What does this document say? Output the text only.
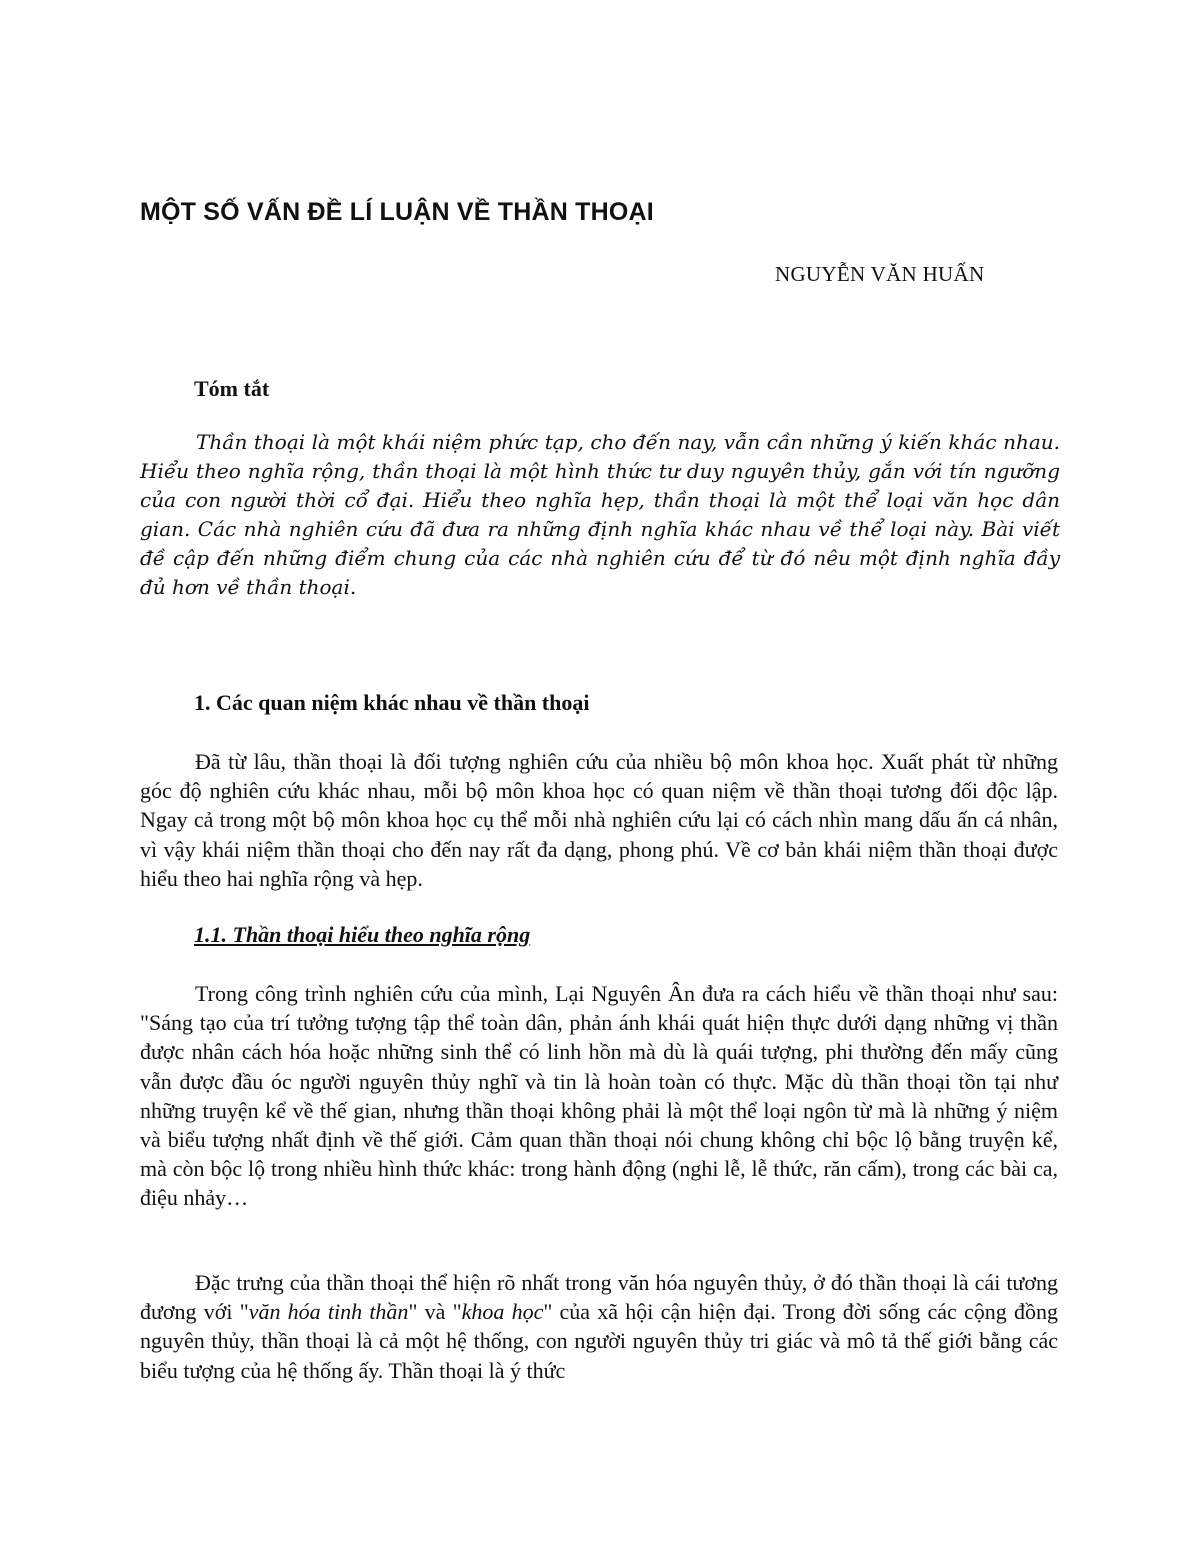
MỘT SỐ VẤN ĐỀ LÍ LUẬN VỀ THẦN THOẠI

NGUYỄN VĂN HUẤN

Tóm tắt

Thần thoại là một khái niệm phức tạp, cho đến nay, vẫn cần những ý kiến khác nhau. Hiểu theo nghĩa rộng, thần thoại là một hình thức tư duy nguyên thủy, gắn với tín ngưỡng của con người thời cổ đại. Hiểu theo nghĩa hẹp, thần thoại là một thể loại văn học dân gian. Các nhà nghiên cứu đã đưa ra những định nghĩa khác nhau về thể loại này. Bài viết đề cập đến những điểm chung của các nhà nghiên cứu để từ đó nêu một định nghĩa đầy đủ hơn về thần thoại.

1. Các quan niệm khác nhau về thần thoại

Đã từ lâu, thần thoại là đối tượng nghiên cứu của nhiều bộ môn khoa học. Xuất phát từ những góc độ nghiên cứu khác nhau, mỗi bộ môn khoa học có quan niệm về thần thoại tương đối độc lập. Ngay cả trong một bộ môn khoa học cụ thể mỗi nhà nghiên cứu lại có cách nhìn mang dấu ấn cá nhân, vì vậy khái niệm thần thoại cho đến nay rất đa dạng, phong phú. Về cơ bản khái niệm thần thoại được hiểu theo hai nghĩa rộng và hẹp.

1.1. Thần thoại hiểu theo nghĩa rộng

Trong công trình nghiên cứu của mình, Lại Nguyên Ân đưa ra cách hiểu về thần thoại như sau: "Sáng tạo của trí tưởng tượng tập thể toàn dân, phản ánh khái quát hiện thực dưới dạng những vị thần được nhân cách hóa hoặc những sinh thể có linh hồn mà dù là quái tượng, phi thường đến mấy cũng vẫn được đầu óc người nguyên thủy nghĩ và tin là hoàn toàn có thực. Mặc dù thần thoại tồn tại như những truyện kể về thế gian, nhưng thần thoại không phải là một thể loại ngôn từ mà là những ý niệm và biểu tượng nhất định về thế giới. Cảm quan thần thoại nói chung không chỉ bộc lộ bằng truyện kể, mà còn bộc lộ trong nhiều hình thức khác: trong hành động (nghi lễ, lễ thức, răn cấm), trong các bài ca, điệu nhảy…

Đặc trưng của thần thoại thể hiện rõ nhất trong văn hóa nguyên thủy, ở đó thần thoại là cái tương đương với "văn hóa tinh thần" và "khoa học" của xã hội cận hiện đại. Trong đời sống các cộng đồng nguyên thủy, thần thoại là cả một hệ thống, con người nguyên thủy tri giác và mô tả thế giới bằng các biểu tượng của hệ thống ấy. Thần thoại là ý thức
